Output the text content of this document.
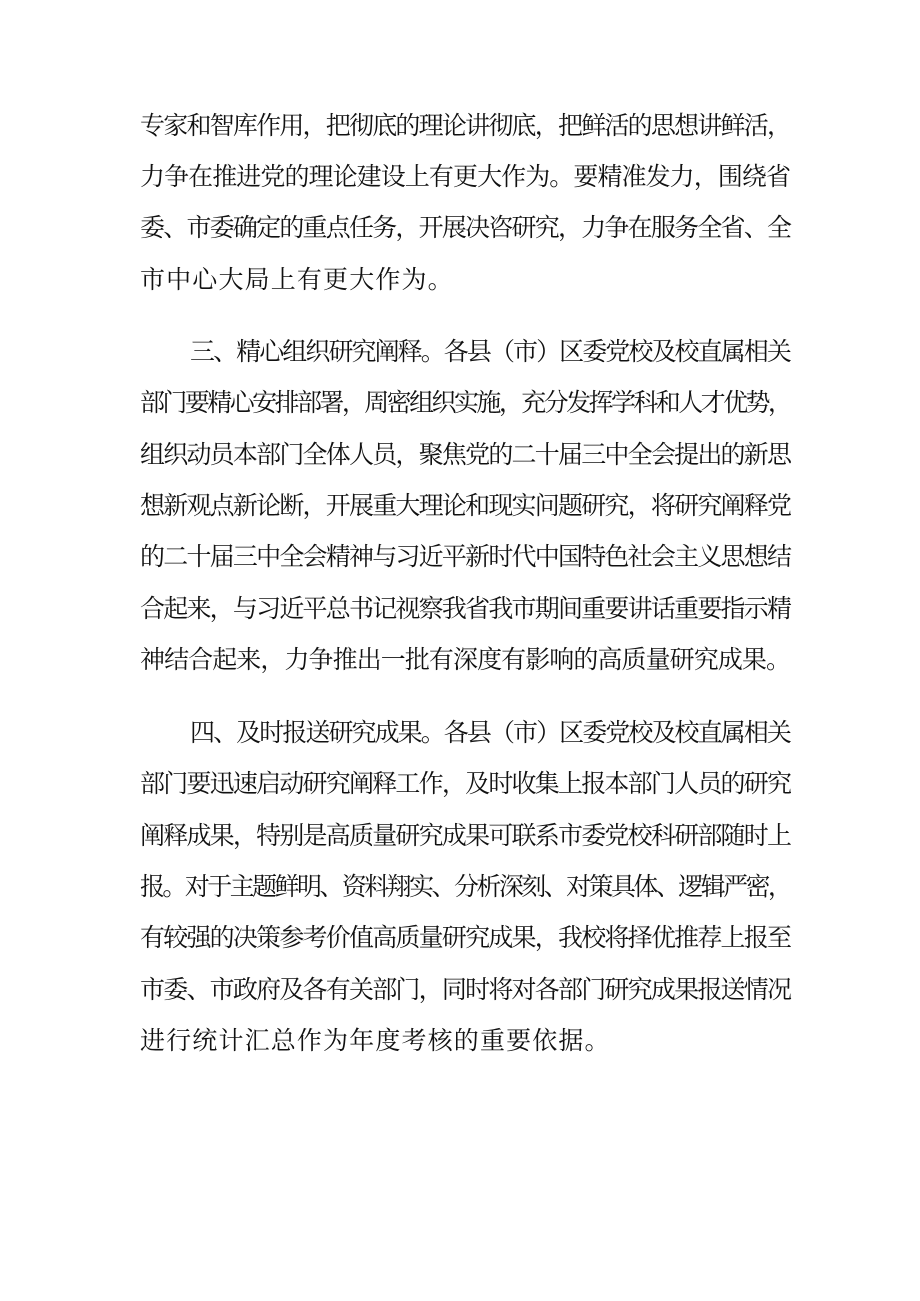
专家和智库作用，把彻底的理论讲彻底，把鲜活的思想讲鲜活，
力争在推进党的理论建设上有更大作为。要精准发力，围绕省
委、市委确定的重点任务，开展决咨研究，力争在服务全省、全
市中心大局上有更大作为。
三、精心组织研究阐释。各县（市）区委党校及校直属相关
部门要精心安排部署，周密组织实施，充分发挥学科和人才优势，
组织动员本部门全体人员，聚焦党的二十届三中全会提出的新思
想新观点新论断，开展重大理论和现实问题研究，将研究阐释党
的二十届三中全会精神与习近平新时代中国特色社会主义思想结
合起来，与习近平总书记视察我省我市期间重要讲话重要指示精
神结合起来，力争推出一批有深度有影响的高质量研究成果。
四、及时报送研究成果。各县（市）区委党校及校直属相关
部门要迅速启动研究阐释工作，及时收集上报本部门人员的研究
阐释成果，特别是高质量研究成果可联系市委党校科研部随时上
报。对于主题鲜明、资料翔实、分析深刻、对策具体、逻辑严密，
有较强的决策参考价值高质量研究成果，我校将择优推荐上报至
市委、市政府及各有关部门，同时将对各部门研究成果报送情况
进行统计汇总作为年度考核的重要依据。
